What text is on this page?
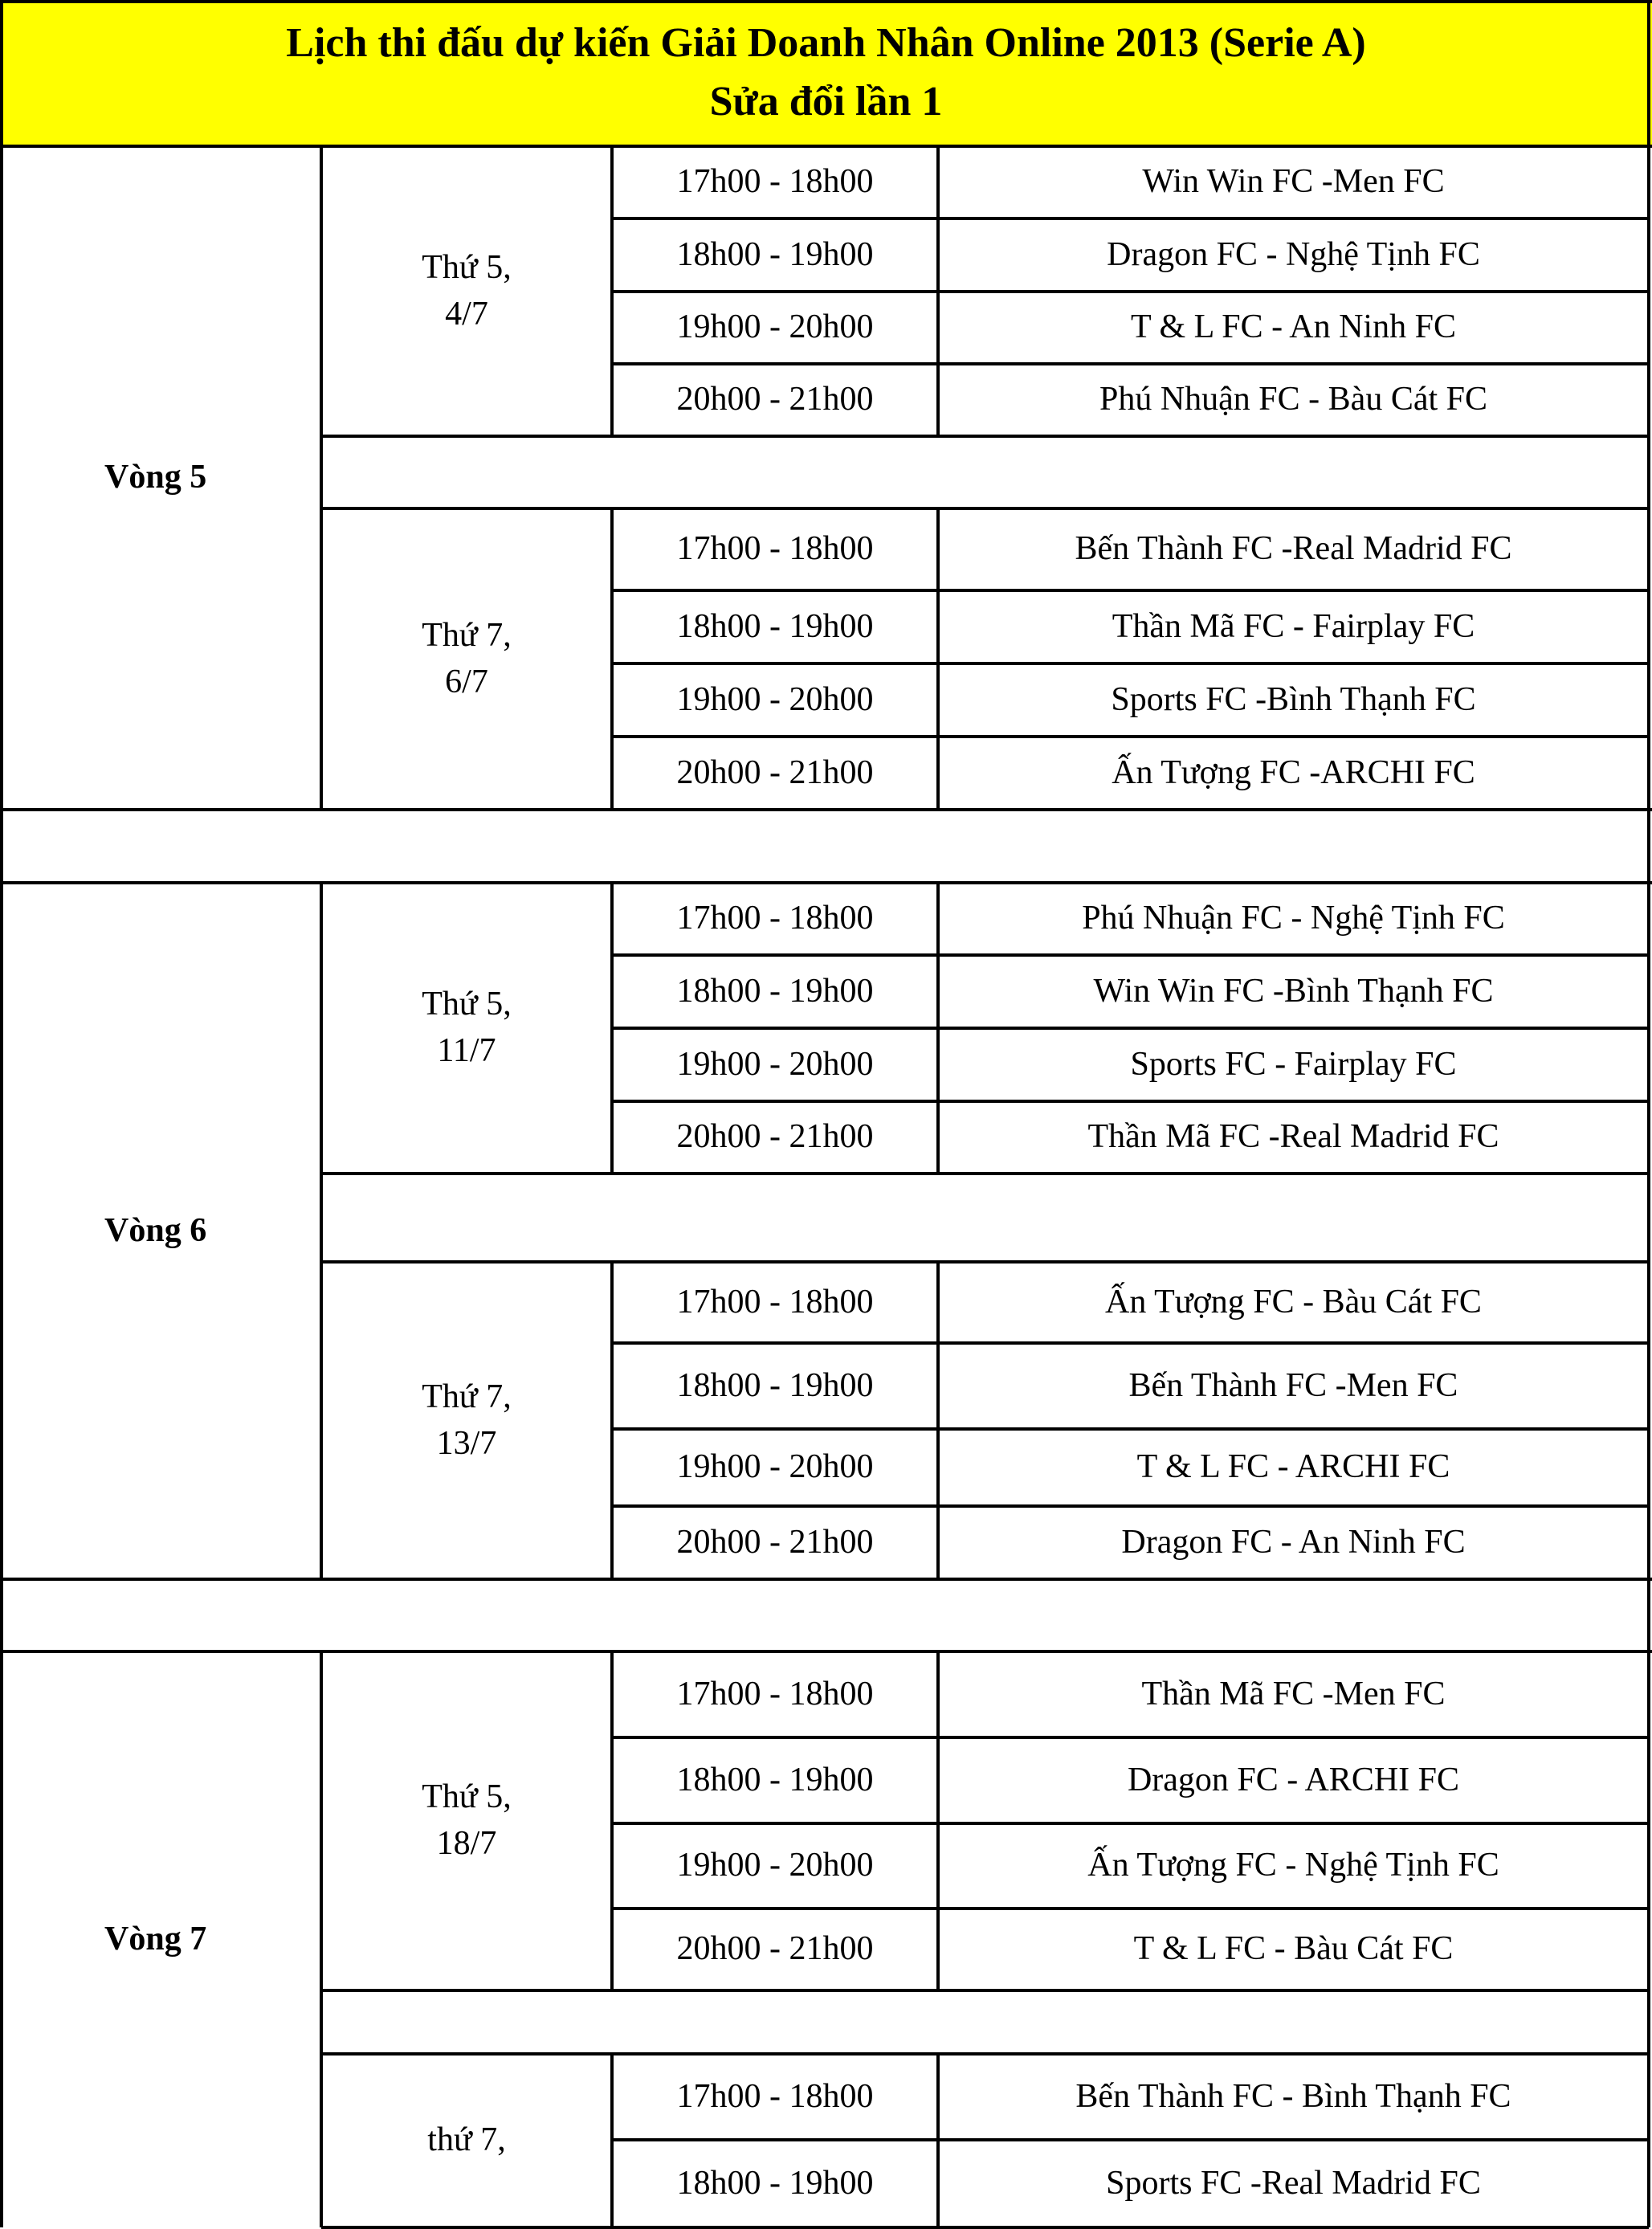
Lịch thi đấu dự kiến Giải Doanh Nhân Online 2013 (Serie A)
Sửa đổi lần 1
Vòng 5
Thứ 5,
4/7
17h00 - 18h00	Win Win FC -Men FC
18h00 - 19h00	Dragon FC - Nghệ Tịnh FC
19h00 - 20h00	T & L FC - An Ninh FC
20h00 - 21h00	Phú Nhuận FC - Bàu Cát FC
Thứ 7,
6/7
17h00 - 18h00	Bến Thành FC -Real Madrid FC
18h00 - 19h00	Thần Mã FC - Fairplay FC
19h00 - 20h00	Sports FC -Bình Thạnh FC
20h00 - 21h00	Ấn Tượng FC -ARCHI FC
Vòng 6
Thứ 5,
11/7
17h00 - 18h00	Phú Nhuận FC - Nghệ Tịnh FC
18h00 - 19h00	Win Win FC -Bình Thạnh FC
19h00 - 20h00	Sports FC - Fairplay FC
20h00 - 21h00	Thần Mã FC -Real Madrid FC
Thứ 7,
13/7
17h00 - 18h00	Ấn Tượng FC - Bàu Cát FC
18h00 - 19h00	Bến Thành FC -Men FC
19h00 - 20h00	T & L FC - ARCHI FC
20h00 - 21h00	Dragon FC - An Ninh FC
Vòng 7
Thứ 5,
18/7
17h00 - 18h00	Thần Mã FC -Men FC
18h00 - 19h00	Dragon FC - ARCHI FC
19h00 - 20h00	Ấn Tượng FC - Nghệ Tịnh FC
20h00 - 21h00	T & L FC - Bàu Cát FC
thứ 7,
17h00 - 18h00	Bến Thành FC - Bình Thạnh FC
18h00 - 19h00	Sports FC -Real Madrid FC
